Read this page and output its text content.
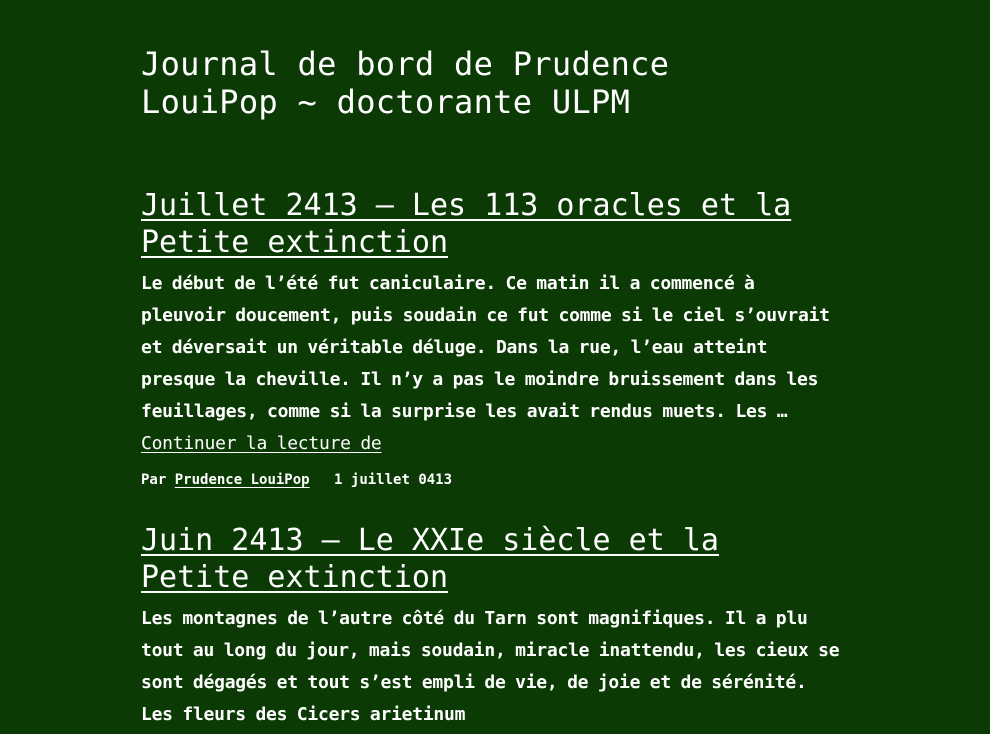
Journal de bord de Prudence
LouiPop ~ doctorante ULPM
Juillet 2413 – Les 113 oracles et la Petite extinction

Le début de l’été fut caniculaire. Ce matin il a commencé à pleuvoir doucement, puis soudain ce fut comme si le ciel s’ouvrait et déversait un véritable déluge. Dans la rue, l’eau atteint presque la cheville. Il n’y a pas le moindre bruissement dans les feuillages, comme si la surprise les avait rendus muets. Les … Continuer la lecture de

Par Prudence LouiPop 1 juillet 0413
Juin 2413 – Le XXIe siècle et la Petite extinction

Les montagnes de l’autre côté du Tarn sont magnifiques. Il a plu tout au long du jour, mais soudain, miracle inattendu, les cieux se sont dégagés et tout s’est empli de vie, de joie et de sérénité. Les fleurs des Cicers arietinum
